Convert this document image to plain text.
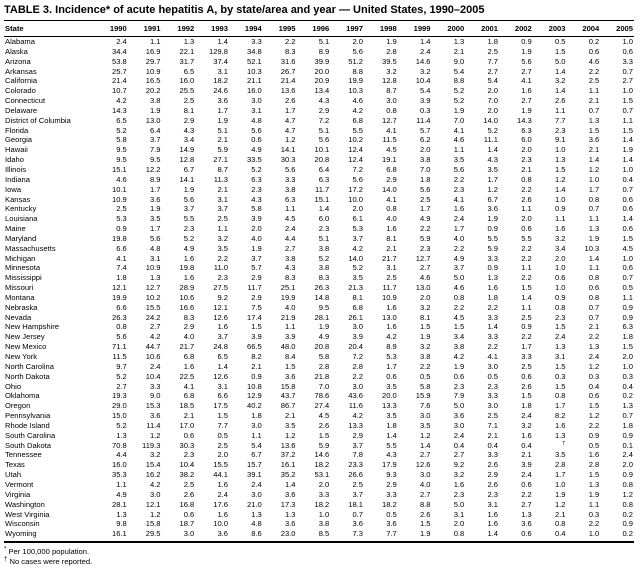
TABLE 3. Incidence* of acute hepatitis A, by state/area and year — United States, 1990–2005
State	1990	1991	1992	1993	1994	1995	1996	1997	1998	1999	2000	2001	2002	2003	2004	2005
Alabama	2.4	1.1	1.3	1.4	3.3	2.2	5.1	2.0	1.9	1.4	1.3	1.8	0.9	0.5	0.2	1.0
Alaska	34.4	16.9	22.1	129.8	34.8	8.3	8.9	5.6	2.8	2.4	2.1	2.5	1.9	1.5	0.6	0.6
Arizona	53.8	29.7	31.7	37.4	52.1	31.6	39.9	51.2	39.5	14.6	9.0	7.7	5.6	5.0	4.6	3.3
Arkansas	25.7	10.9	6.5	3.1	10.3	26.7	20.0	8.8	3.2	3.2	5.4	2.7	2.7	1.4	2.2	0.7
California	21.4	16.5	16.0	18.2	21.1	21.4	20.9	19.9	12.8	10.4	8.8	5.4	4.1	3.2	2.5	2.7
Colorado	10.7	20.2	25.5	24.6	16.0	13.6	13.4	10.3	8.7	5.4	5.2	2.0	1.6	1.4	1.1	1.0
Connecticut	4.2	3.8	2.5	3.6	3.0	2.6	4.3	4.6	3.0	3.9	5.2	7.0	2.7	2.6	2.1	1.5
Delaware	14.3	1.9	8.1	1.7	3.1	1.7	2.9	4.2	0.8	0.3	1.9	2.0	1.9	1.1	0.7	0.7
District of Columbia	6.5	13.0	2.9	1.9	4.8	4.7	7.2	6.8	12.7	11.4	7.0	14.0	14.3	7.7	1.3	1.1
Florida	5.2	6.4	4.3	5.1	5.6	4.7	5.1	5.5	4.1	5.7	4.1	5.2	6.3	2.3	1.5	1.5
Georgia	5.8	3.7	3.4	2.1	0.6	1.2	5.6	10.2	11.5	6.2	4.6	11.1	6.0	9.1	3.6	1.4
Hawaii	9.5	7.9	14.9	5.9	4.9	14.1	10.1	12.4	4.5	2.0	1.1	1.4	2.0	1.0	2.1	1.9
Idaho	9.5	9.5	12.8	27.1	33.5	30.3	20.8	12.4	19.1	3.8	3.5	4.3	2.3	1.3	1.4	1.4
Illinois	15.1	12.2	6.7	8.7	5.2	5.6	6.4	7.2	6.8	7.0	5.6	3.5	2.1	1.5	1.2	1.0
Indiana	4.6	8.9	14.1	11.3	6.3	3.3	6.3	5.6	2.9	1.8	2.2	1.7	0.8	1.2	1.0	0.4
Iowa	10.1	1.7	1.9	2.1	2.3	3.8	11.7	17.2	14.0	5.6	2.3	1.2	2.2	1.4	1.7	0.7
Kansas	10.9	3.6	5.6	3.1	4.3	6.3	15.1	10.0	4.1	2.5	4.1	6.7	2.6	1.0	0.8	0.6
Kentucky	2.5	1.9	3.7	3.7	5.8	1.1	1.4	2.0	0.8	1.7	1.6	3.6	1.1	0.9	0.7	0.6
Louisiana	5.3	3.5	5.5	2.5	3.9	4.5	6.0	6.1	4.0	4.9	2.4	1.9	2.0	1.1	1.1	1.4
Maine	0.9	1.7	2.3	1.1	2.0	2.4	2.3	5.3	1.6	2.2	1.7	0.9	0.6	1.6	1.3	0.6
Maryland	19.8	5.6	5.2	3.2	4.0	4.4	5.1	3.7	8.1	5.9	4.0	5.5	5.5	3.2	1.9	1.5
Massachusetts	6.6	4.8	4.9	3.5	1.9	2.7	3.8	4.2	2.1	2.3	2.2	5.9	2.2	3.4	10.3	4.5
Michigan	4.1	3.1	1.6	2.2	3.7	3.8	5.2	14.0	21.7	12.7	4.9	3.3	2.2	2.0	1.4	1.0
Minnesota	7.4	10.9	19.8	11.0	5.7	4.3	3.8	5.2	3.1	2.7	3.7	0.9	1.1	1.0	1.1	0.6
Mississippi	1.8	1.3	1.6	2.3	2.9	8.3	8.3	3.5	2.5	4.6	5.0	1.3	2.2	0.6	0.8	0.7
Missouri	12.1	12.7	28.9	27.5	11.7	25.1	26.3	21.3	11.7	13.0	4.6	1.6	1.5	1.0	0.6	0.5
Montana	19.9	10.2	10.6	9.2	2.9	19.9	14.8	8.1	10.9	2.0	0.8	1.8	1.4	0.9	0.8	1.1
Nebraska	6.6	15.5	16.6	12.1	7.5	4.0	9.5	6.8	1.6	3.2	2.2	2.2	1.1	0.8	0.7	0.9
Nevada	26.3	24.2	8.3	12.6	17.4	21.9	28.1	26.1	13.0	8.1	4.5	3.3	2.5	2.3	0.7	0.9
New Hampshire	0.8	2.7	2.9	1.6	1.5	1.1	1.9	3.0	1.6	1.5	1.5	1.4	0.9	1.5	2.1	6.3
New Jersey	5.6	4.2	4.0	3.7	3.9	3.9	4.9	3.9	4.2	1.9	3.4	3.3	2.2	2.4	2.2	1.8
New Mexico	71.1	44.7	21.7	24.8	66.5	48.0	20.8	20.4	8.9	3.2	3.8	2.2	1.7	1.3	1.3	1.5
New York	11.5	10.6	6.8	6.5	8.2	8.4	5.8	7.2	5.3	3.8	4.2	4.1	3.3	3.1	2.4	2.0
North Carolina	9.7	2.4	1.6	1.4	2.1	1.5	2.8	2.8	1.7	2.2	1.9	3.0	2.5	1.5	1.2	1.0
North Dakota	5.2	10.4	22.5	12.6	0.9	3.6	21.8	2.2	0.6	0.5	0.6	0.5	0.6	0.3	0.3	0.3
Ohio	2.7	3.3	4.1	3.1	10.8	15.8	7.0	3.0	3.5	5.8	2.3	2.3	2.6	1.5	0.4	0.4
Oklahoma	19.3	9.0	6.8	6.6	12.9	43.7	78.6	43.6	20.0	15.9	7.9	3.3	1.5	0.8	0.6	0.2
Oregon	29.0	15.3	18.5	17.5	40.2	86.7	27.4	11.6	13.3	7.6	5.0	3.0	1.8	1.7	1.5	1.3
Pennsylvania	15.0	3.6	2.1	1.5	1.8	2.1	4.5	4.2	3.5	3.0	3.6	2.5	2.4	8.2	1.2	0.7
Rhode Island	5.2	11.4	17.0	7.7	3.0	3.5	2.6	13.3	1.8	3.5	3.0	7.1	3.2	1.6	2.2	1.8
South Carolina	1.3	1.2	0.6	0.5	1.1	1.2	1.5	2.9	1.4	1.2	2.4	2.1	1.6	1.3	0.9	0.9
South Dakota	70.8	119.3	30.3	2.5	5.4	13.6	5.9	3.7	5.5	1.4	0.4	0.4	0.4	†	0.5	0.1
Tennessee	4.4	3.2	2.3	2.0	6.7	37.2	14.6	7.8	4.3	2.7	2.7	3.3	2.1	3.5	1.6	2.4
Texas	16.0	15.4	10.4	15.5	15.7	16.1	18.2	23.3	17.9	12.6	9.2	2.6	3.9	2.8	2.8	2.0
Utah	35.3	16.2	38.2	44.1	39.1	35.2	53.1	26.6	9.3	3.0	3.2	2.9	2.4	1.7	1.5	0.9
Vermont	1.1	4.2	2.5	1.6	2.4	1.4	2.0	2.5	2.9	4.0	1.6	2.6	0.6	1.0	1.3	0.8
Virginia	4.9	3.0	2.6	2.4	3.0	3.6	3.3	3.7	3.3	2.7	2.3	2.3	2.2	1.9	1.9	1.2
Washington	28.1	12.1	16.8	17.6	21.0	17.3	18.2	18.1	18.2	8.8	5.0	3.1	2.7	1.2	1.1	0.8
West Virginia	1.3	1.2	0.6	1.6	1.3	1.3	1.0	0.7	0.5	2.6	3.1	1.6	1.3	2.1	0.3	0.2
Wisconsin	9.8	15.8	18.7	10.0	4.8	3.6	3.8	3.6	3.6	1.5	2.0	1.6	3.6	0.8	2.2	0.9
Wyoming	16.1	29.5	3.0	3.6	8.6	23.0	8.5	7.3	7.7	1.9	0.8	1.4	0.6	0.4	1.0	0.2
* Per 100,000 population.
† No cases were reported.
